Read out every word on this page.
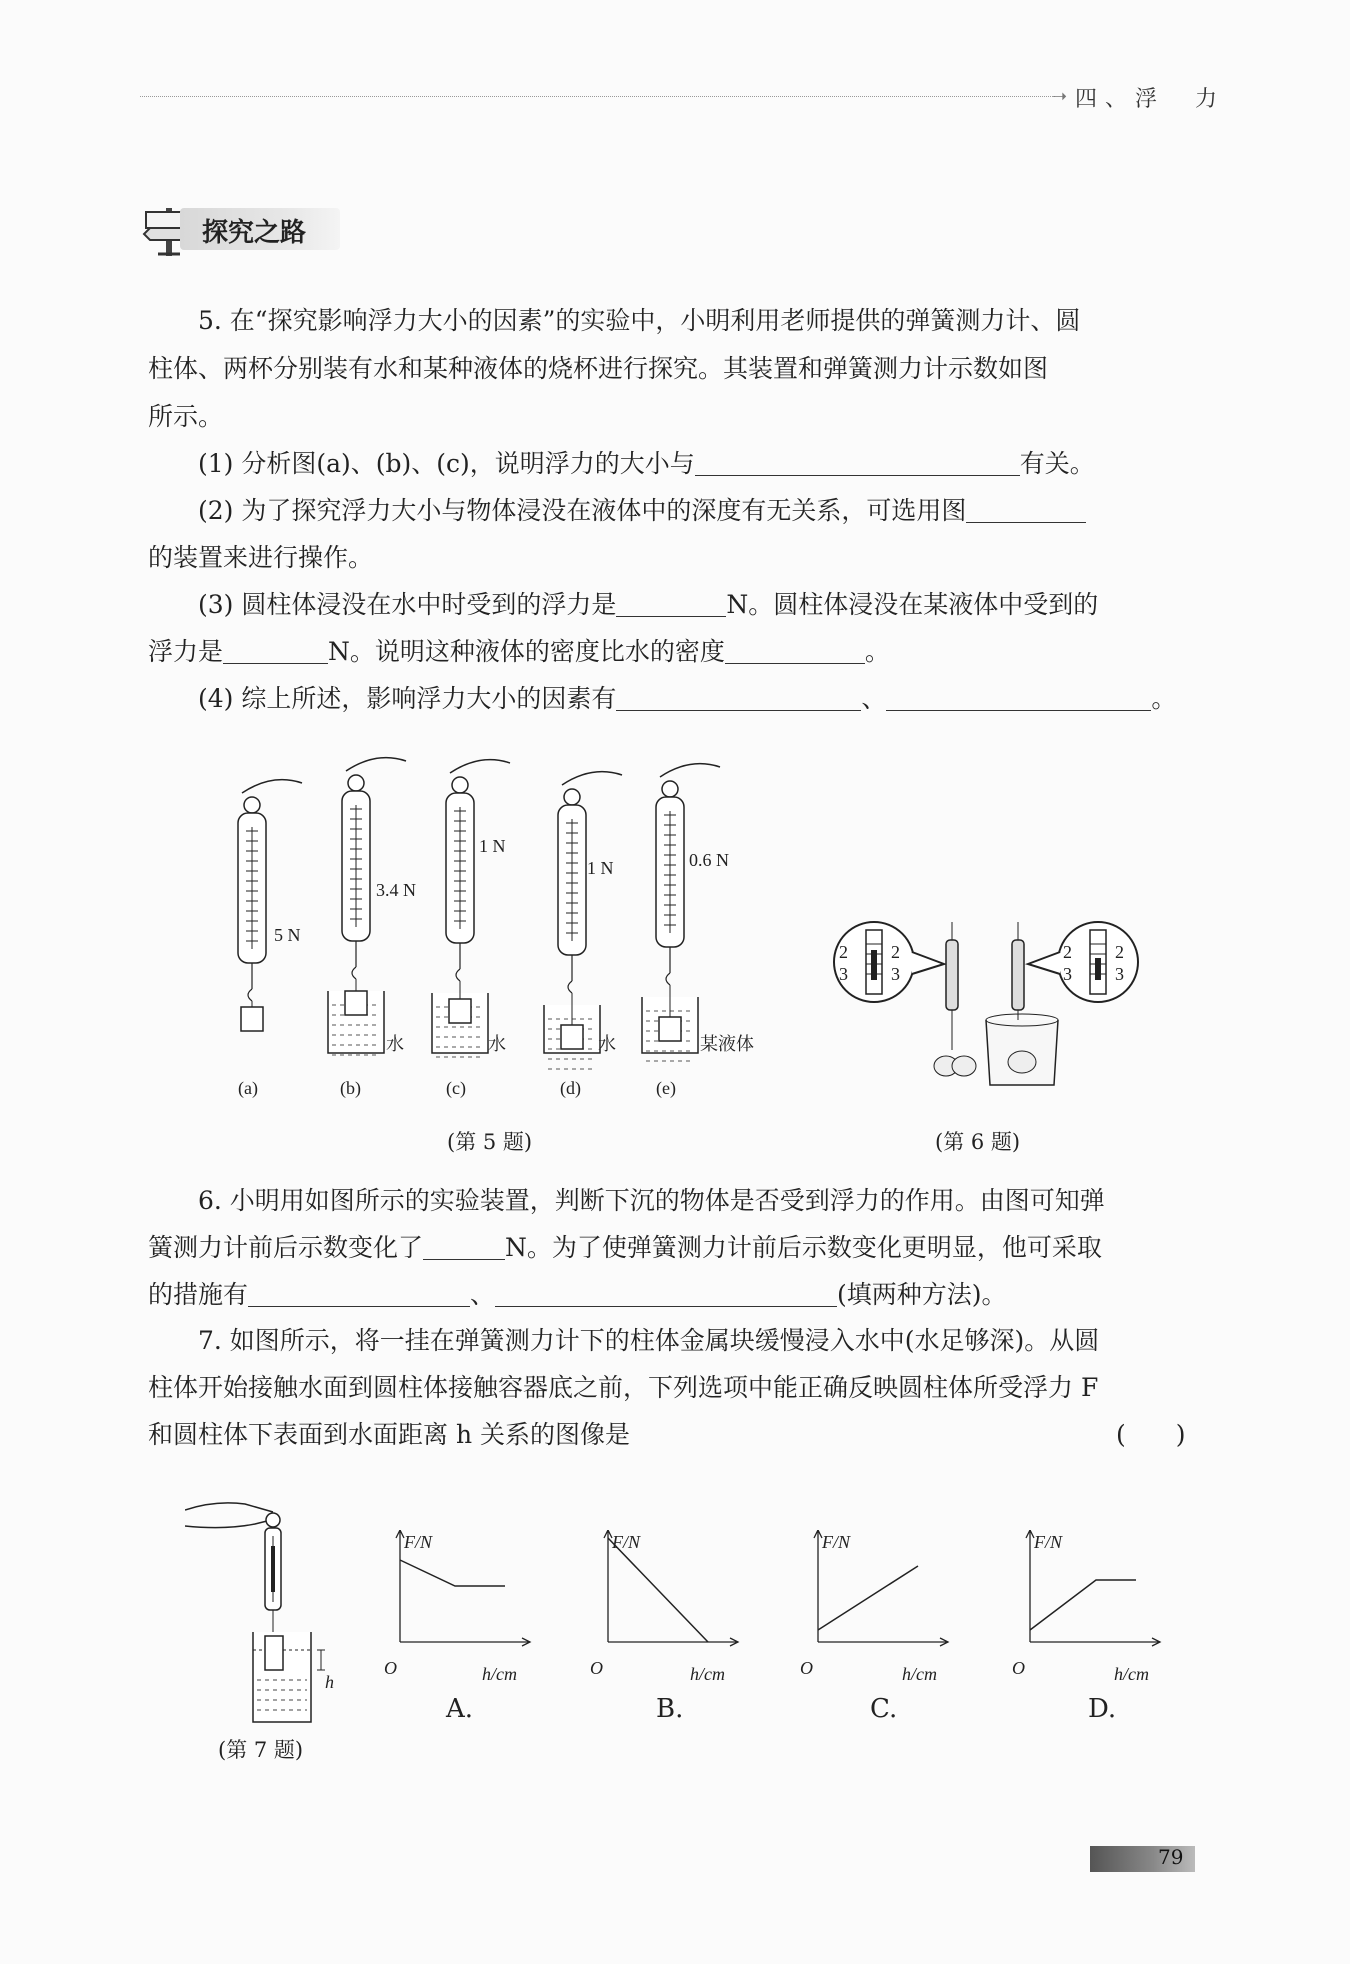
➝ 四、浮　力
探究之路
5. 在“探究影响浮力大小的因素”的实验中，小明利用老师提供的弹簧测力计、圆
柱体、两杯分别装有水和某种液体的烧杯进行探究。其装置和弹簧测力计示数如图
所示。
(1) 分析图(a)、(b)、(c)，说明浮力的大小与	有关。
(2) 为了探究浮力大小与物体浸没在液体中的深度有无关系，可选用图
的装置来进行操作。
(3) 圆柱体浸没在水中时受到的浮力是	N。圆柱体浸没在某液体中受到的
浮力是	N。说明这种液体的密度比水的密度	。
(4) 综上所述，影响浮力大小的因素有	、	。
(第 5 题)
5 N
3.4 N
1 N
1 N	0.6 N
水	水	水	某液体
(a)	(b)	(c)	(d)	(e)
2 2
3 3
2 2
3 3
(第 6 题)
6. 小明用如图所示的实验装置，判断下沉的物体是否受到浮力的作用。由图可知弹
簧测力计前后示数变化了	N。为了使弹簧测力计前后示数变化更明显，他可采取
的措施有	、	(填两种方法)。
7. 如图所示，将一挂在弹簧测力计下的柱体金属块缓慢浸入水中(水足够深)。从圆
柱体开始接触水面到圆柱体接触容器底之前，下列选项中能正确反映圆柱体所受浮力 F
和圆柱体下表面到水面距离 h 关系的图像是	(　　)
h
(第 7 题)
F/N	F/N	F/N	F/N
h/cm	h/cm	h/cm	h/cm
O	O	O	O
A.	B.	C.	D.
79
